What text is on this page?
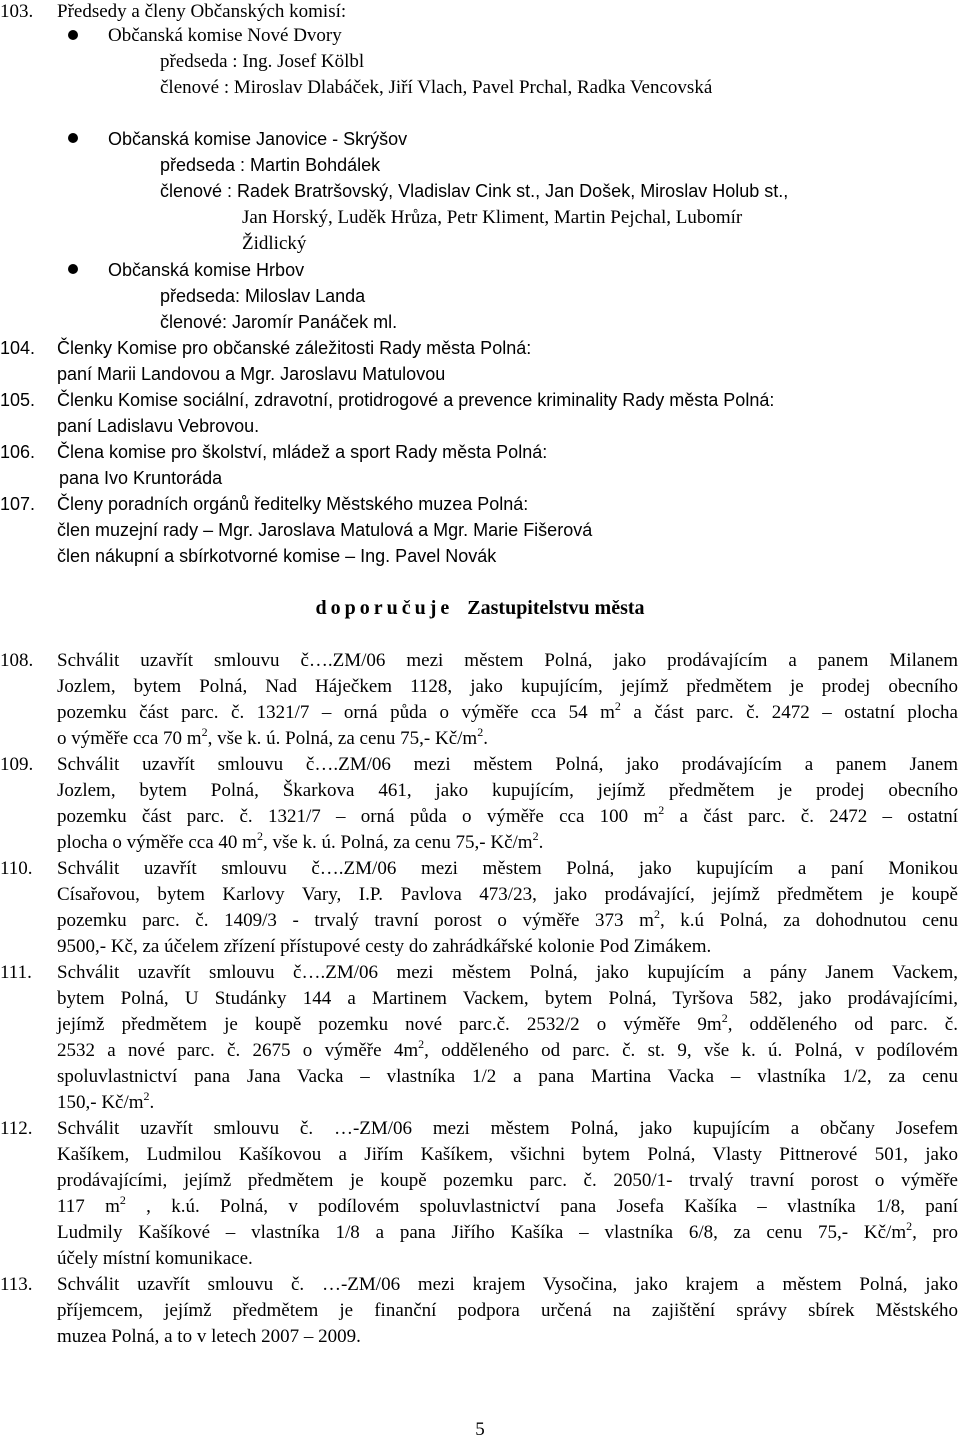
103. Předsedy a členy Občanských komisí:
Občanská komise Nové Dvory
předseda : Ing. Josef Kölbl
členové : Miroslav Dlabáček, Jiří Vlach, Pavel Prchal, Radka Vencovská
Občanská komise Janovice - Skrýšov
předseda : Martin Bohdálek
členové : Radek Bratršovský, Vladislav Cink st., Jan Došek, Miroslav Holub st.,
Jan Horský, Luděk Hrůza, Petr Kliment, Martin Pejchal, Lubomír
Židlický
Občanská komise Hrbov
předseda: Miloslav Landa
členové: Jaromír Panáček ml.
104. Členky Komise pro občanské záležitosti Rady města Polná:
paní Marii Landovou a Mgr. Jaroslavu Matulovou
105. Členku Komise sociální, zdravotní, protidrogové a prevence kriminality Rady města Polná:
paní Ladislavu Vebrovou.
106. Člena komise pro školství, mládež a sport Rady města Polná:
pana Ivo Kruntoráda
107. Členy poradních orgánů ředitelky Městského muzea Polná:
člen muzejní rady – Mgr. Jaroslava Matulová a Mgr. Marie Fišerová
člen nákupní a sbírkotvorné komise – Ing. Pavel Novák
doporučuje Zastupitelstvu města
108. Schválit uzavřít smlouvu č….ZM/06 mezi městem Polná, jako prodávajícím a panem Milanem
Jozlem, bytem Polná, Nad Háječkem 1128, jako kupujícím, jejímž předmětem je prodej obecního
pozemku část parc. č. 1321/7 – orná půda o výměře cca 54 $m^2$ a část parc. č. 2472 – ostatní plocha
o výměře cca 70 $m^2$, vše k. ú. Polná, za cenu 75,- $Kč/m^2$.
109. Schválit uzavřít smlouvu č….ZM/06 mezi městem Polná, jako prodávajícím a panem Janem
Jozlem, bytem Polná, Škarkova 461, jako kupujícím, jejímž předmětem je prodej obecního
pozemku část parc. č. 1321/7 – orná půda o výměře cca 100 $m^2$ a část parc. č. 2472 – ostatní
plocha o výměře cca 40 $m^2$, vše k. ú. Polná, za cenu 75,- $Kč/m^2$.
110. Schválit uzavřít smlouvu č….ZM/06 mezi městem Polná, jako kupujícím a paní Monikou
Císařovou, bytem Karlovy Vary, I.P. Pavlova 473/23, jako prodávající, jejímž předmětem je koupě
pozemku parc. č. 1409/3 - trvalý travní porost o výměře 373 $m^2$, k.ú Polná, za dohodnutou cenu
9500,- Kč, za účelem zřízení přístupové cesty do zahrádkářské kolonie Pod Zimákem.
111. Schválit uzavřít smlouvu č….ZM/06 mezi městem Polná, jako kupujícím a pány Janem Vackem,
bytem Polná, U Studánky 144 a Martinem Vackem, bytem Polná, Tyršova 582, jako prodávajícími,
jejímž předmětem je koupě pozemku nové parc.č. 2532/2 o výměře $9m^2$, odděleného od parc. č.
2532 a nové parc. č. 2675 o výměře $4m^2$, odděleného od parc. č. st. 9, vše k. ú. Polná, v podílovém
spoluvlastnictví pana Jana Vacka – vlastníka 1/2 a pana Martina Vacka – vlastníka 1/2, za cenu
150,- $Kč/m^2$.
112. Schválit uzavřít smlouvu č. …-ZM/06 mezi městem Polná, jako kupujícím a občany Josefem
Kašíkem, Ludmilou Kašíkovou a Jiřím Kašíkem, všichni bytem Polná, Vlasty Pittnerové 501, jako
prodávajícími, jejímž předmětem je koupě pozemku parc. č. 2050/1- trvalý travní porost o výměře
117 $m^2$ , k.ú. Polná, v podílovém spoluvlastnictví pana Josefa Kašíka – vlastníka 1/8, paní
Ludmily Kašíkové – vlastníka 1/8 a pana Jiřího Kašíka – vlastníka 6/8, za cenu 75,- $Kč/m^2$, pro
účely místní komunikace.
113. Schválit uzavřít smlouvu č. …-ZM/06 mezi krajem Vysočina, jako krajem a městem Polná, jako
příjemcem, jejímž předmětem je finanční podpora určená na zajištění správy sbírek Městského
muzea Polná, a to v letech 2007 – 2009.
5
